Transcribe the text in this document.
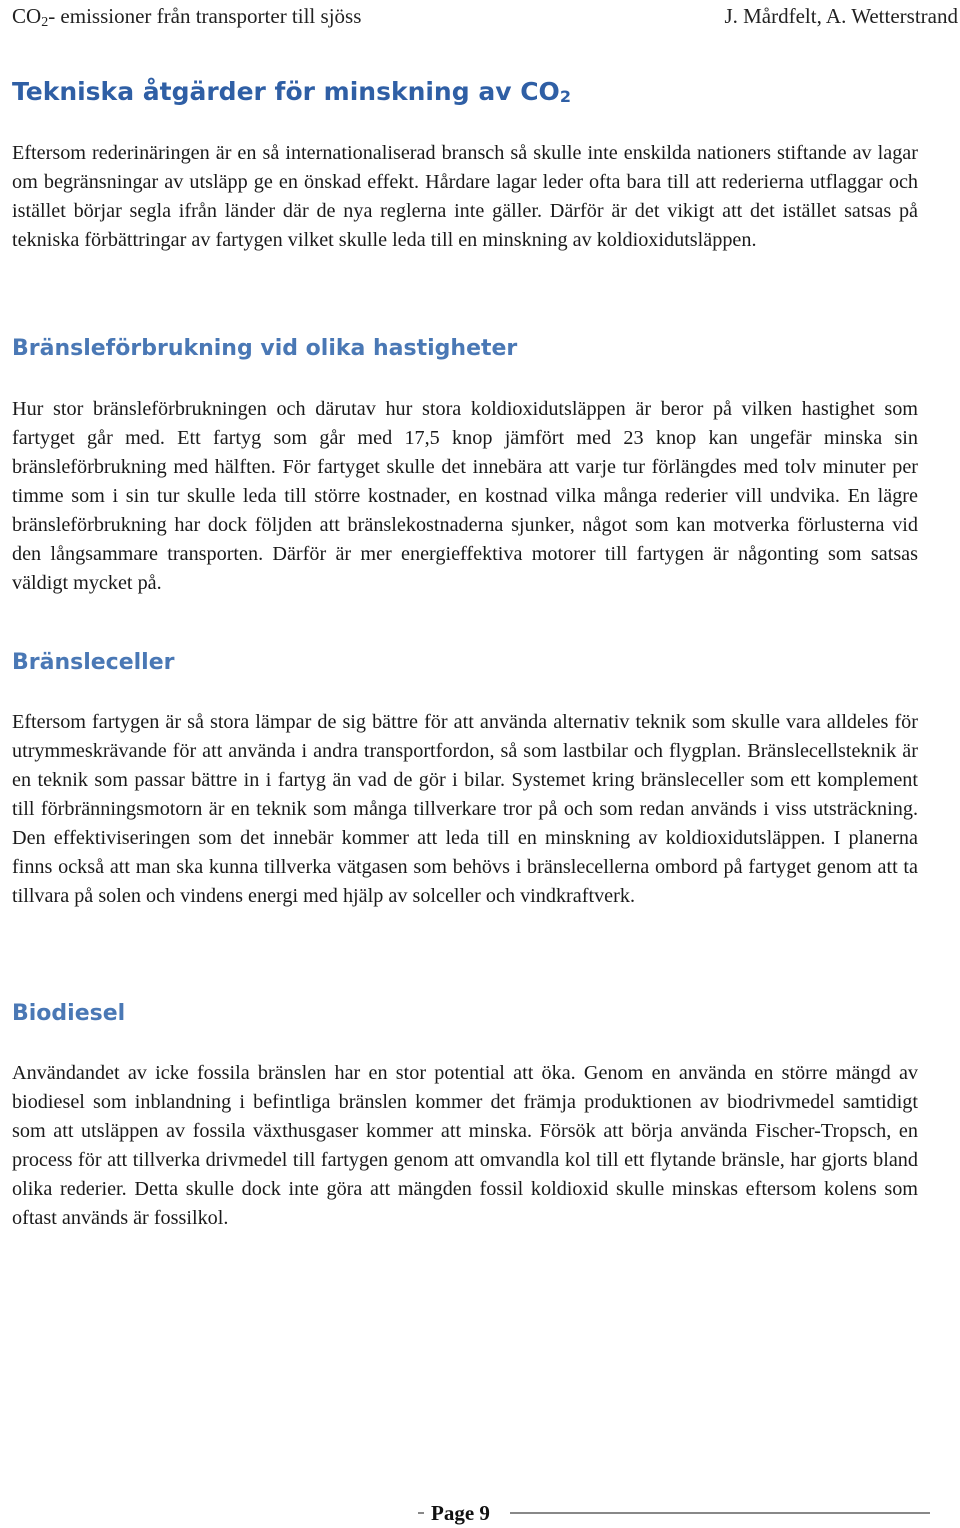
$CO_2-$ emissioner från transporter till sjöss	J. Mårdfelt, A. Wetterstrand
Tekniska åtgärder för minskning av $CO_2$

Eftersom rederinäringen är en så internationaliserad bransch så skulle inte enskilda nationers stiftande av lagar om begränsningar av utsläpp ge en önskad effekt. Hårdare lagar leder ofta bara till att rederierna utflaggar och istället börjar segla ifrån länder där de nya reglerna inte gäller. Därför är det vikigt att det istället satsas på tekniska förbättringar av fartygen vilket skulle leda till en minskning av koldioxidutsläppen.

Bränsleförbrukning vid olika hastigheter

Hur stor bränsleförbrukningen och därutav hur stora koldioxidutsläppen är beror på vilken hastighet som fartyget går med. Ett fartyg som går med 17,5 knop jämfört med 23 knop kan ungefär minska sin bränsleförbrukning med hälften. För fartyget skulle det innebära att varje tur förlängdes med tolv minuter per timme som i sin tur skulle leda till större kostnader, en kostnad vilka många rederier vill undvika. En lägre bränsleförbrukning har dock följden att bränslekostnaderna sjunker, något som kan motverka förlusterna vid den långsammare transporten. Därför är mer energieffektiva motorer till fartygen är någonting som satsas väldigt mycket på.

Bränsleceller

Eftersom fartygen är så stora lämpar de sig bättre för att använda alternativ teknik som skulle vara alldeles för utrymmeskrävande för att använda i andra transportfordon, så som lastbilar och flygplan. Bränslecellsteknik är en teknik som passar bättre in i fartyg än vad de gör i bilar. Systemet kring bränsleceller som ett komplement till förbränningsmotorn är en teknik som många tillverkare tror på och som redan används i viss utsträckning. Den effektiviseringen som det innebär kommer att leda till en minskning av koldioxidutsläppen. I planerna finns också att man ska kunna tillverka vätgasen som behövs i bränslecellerna ombord på fartyget genom att ta tillvara på solen och vindens energi med hjälp av solceller och vindkraftverk.

Biodiesel

Användandet av icke fossila bränslen har en stor potential att öka. Genom en använda en större mängd av biodiesel som inblandning i befintliga bränslen kommer det främja produktionen av biodrivmedel samtidigt som att utsläppen av fossila växthusgaser kommer att minska. Försök att börja använda Fischer-Tropsch, en process för att tillverka drivmedel till fartygen genom att omvandla kol till ett flytande bränsle, har gjorts bland olika rederier. Detta skulle dock inte göra att mängden fossil koldioxid skulle minskas eftersom kolens som oftast används är fossilkol.

Page 9
